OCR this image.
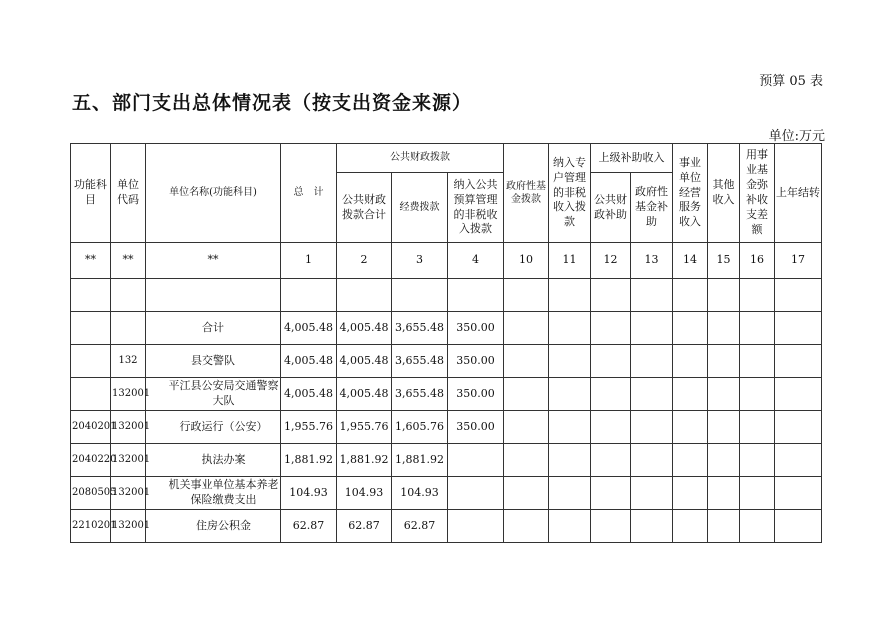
预算 05 表
五、部门支出总体情况表（按支出资金来源）
单位:万元
功能科目	单位代码	单位名称(功能科目)	总　计	公共财政拨款			政府性基金拨款	纳入专户管理的非税收入拨款	上级补助收入		事业单位经营服务收入	其他收入	用事业基金弥补收支差额	上年结转
				公共财政拨款合计	经费拨款	纳入公共预算管理的非税收入拨款			公共财政补助	政府性基金补助				
**	**	**	1	2	3	4	10	11	12	13	14	15	16	17

		合计	4,005.48	4,005.48	3,655.48	350.00								
	132	县交警队	4,005.48	4,005.48	3,655.48	350.00								
	132001	平江县公安局交通警察大队	4,005.48	4,005.48	3,655.48	350.00								
2040201	132001	行政运行（公安）	1,955.76	1,955.76	1,605.76	350.00								
2040220	132001	执法办案	1,881.92	1,881.92	1,881.92									
2080505	132001	机关事业单位基本养老保险缴费支出	104.93	104.93	104.93									
2210201	132001	住房公积金	62.87	62.87	62.87									
